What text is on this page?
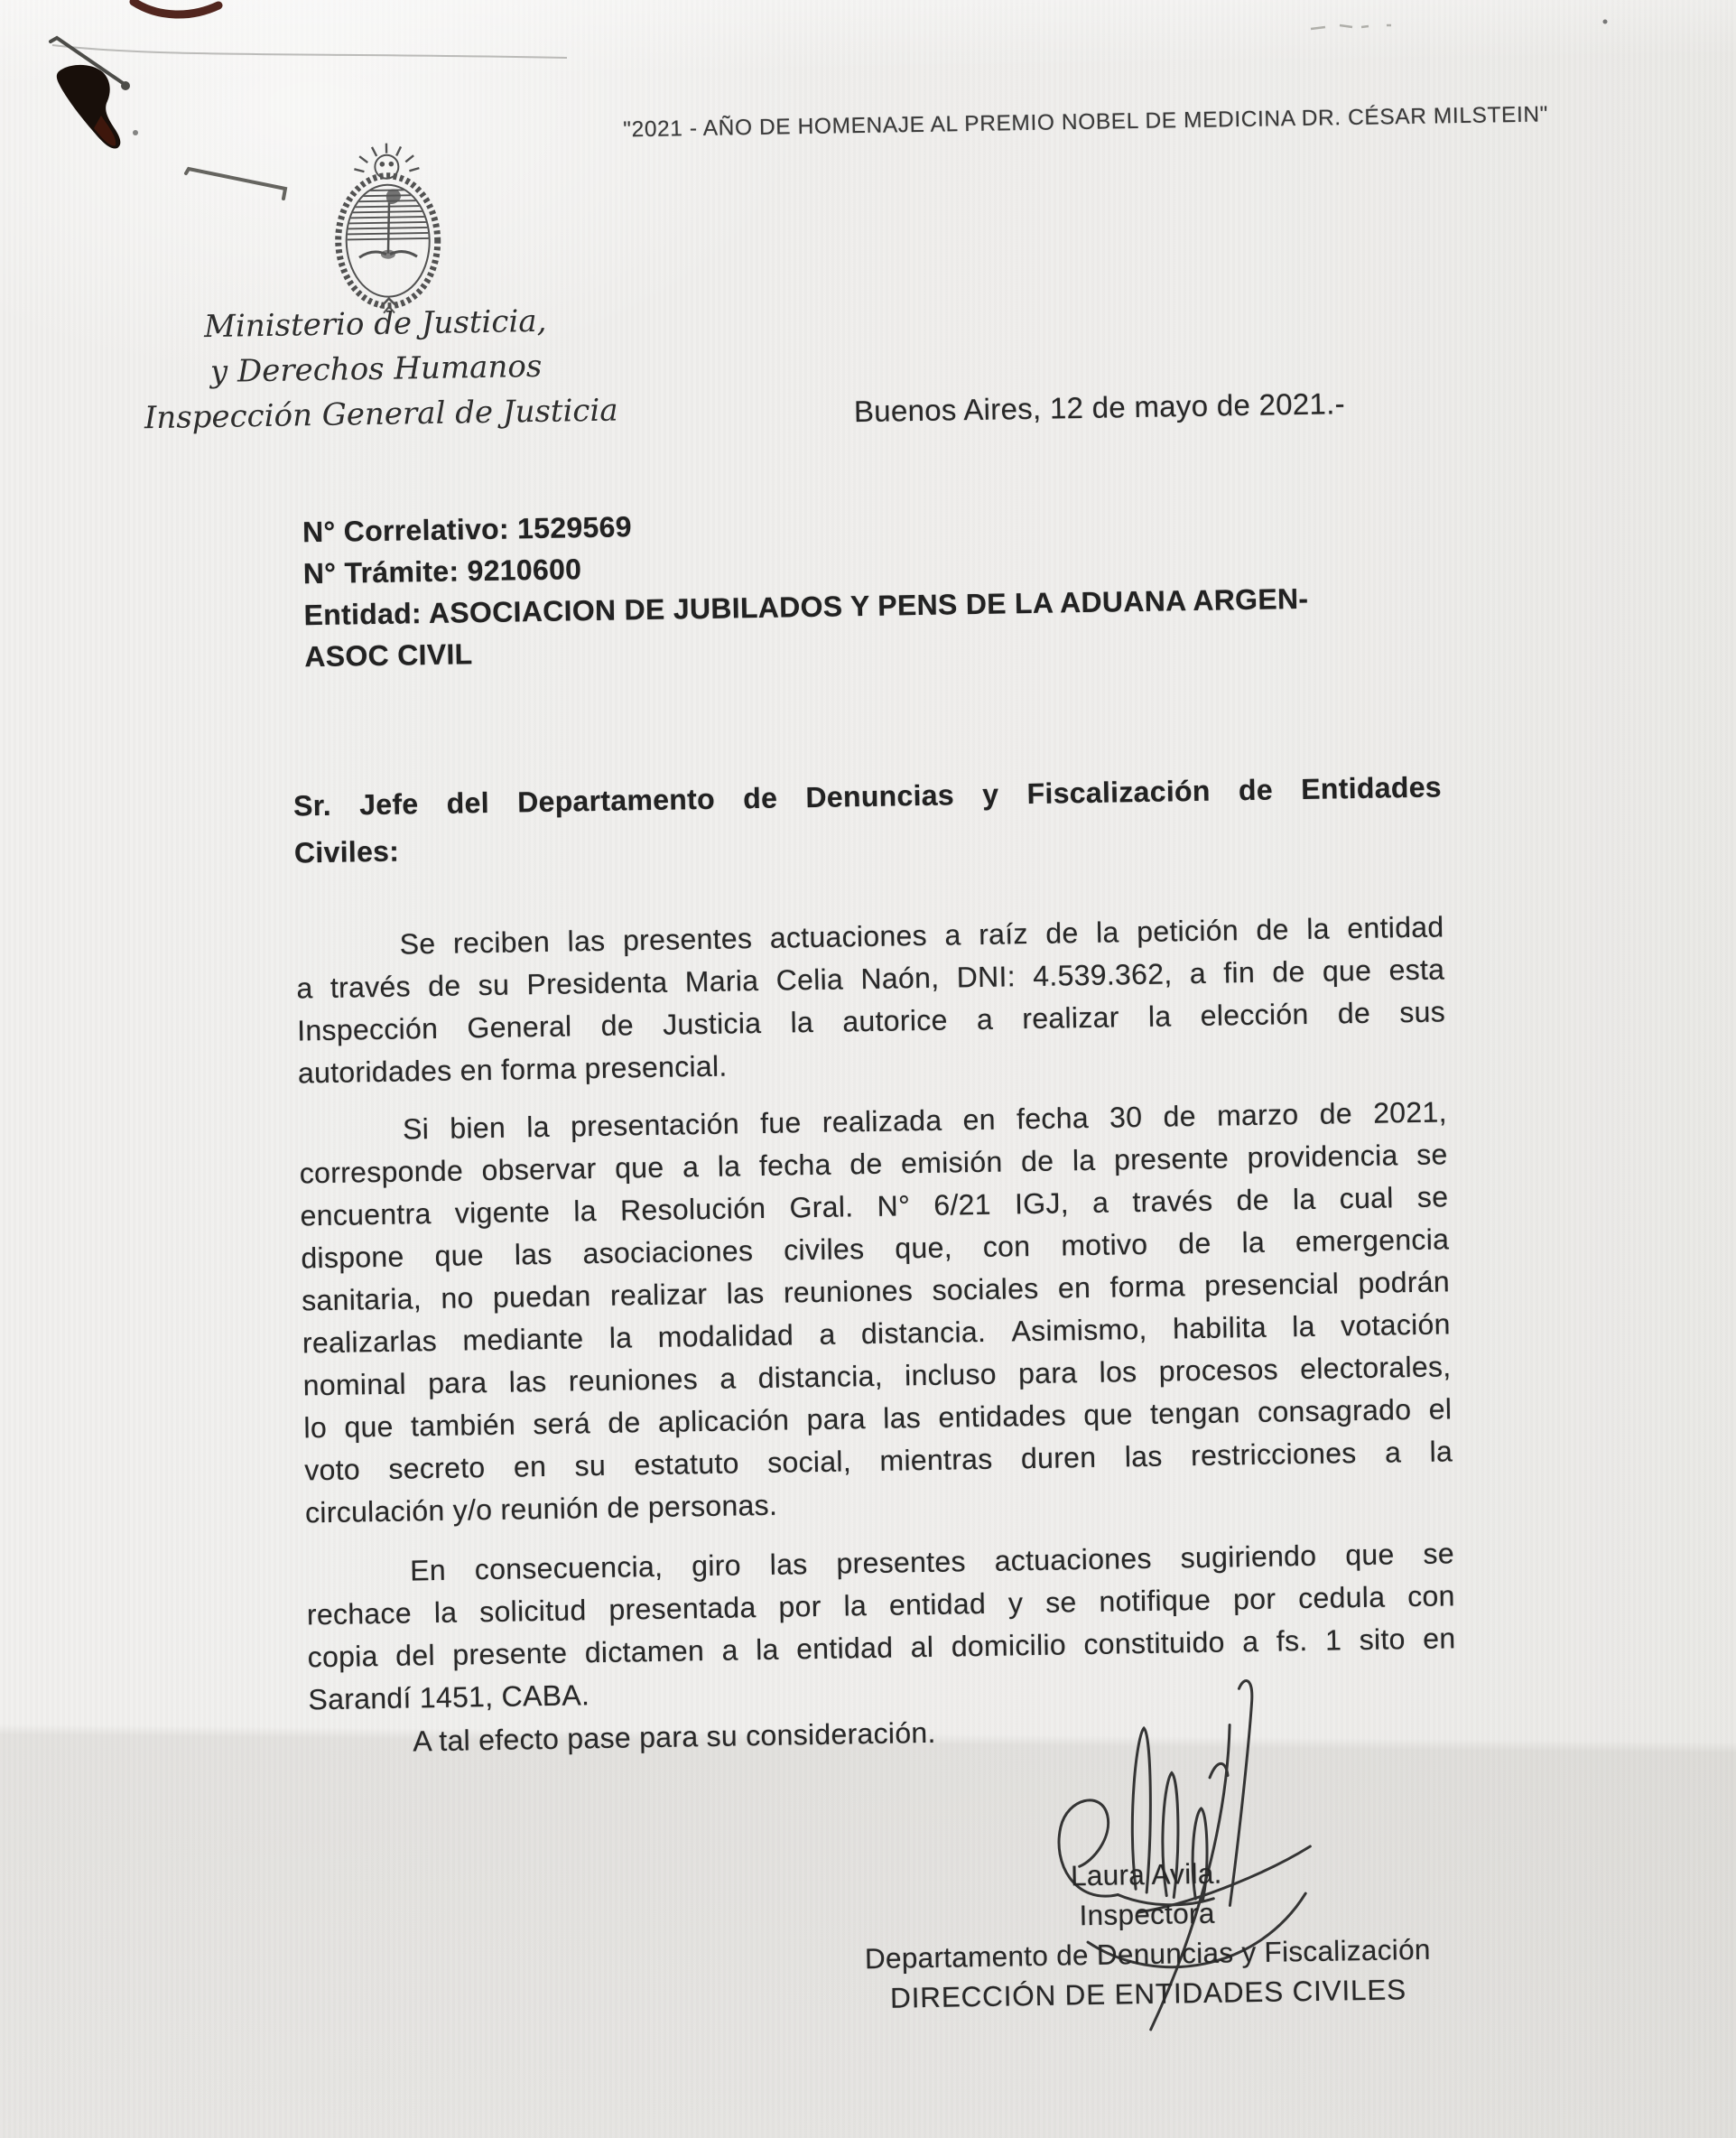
"2021 - AÑO DE HOMENAJE AL PREMIO NOBEL DE MEDICINA DR. CÉSAR MILSTEIN"
Ministerio de Justicia,
y Derechos Humanos
Inspección General de Justicia	Buenos Aires, 12 de mayo de 2021.-
N° Correlativo: 1529569
N° Trámite: 9210600
Entidad: ASOCIACION DE JUBILADOS Y PENS DE LA ADUANA ARGEN-
ASOC CIVIL
Sr. Jefe del Departamento de Denuncias y Fiscalización de Entidades
Civiles:
Se reciben las presentes actuaciones a raíz de la petición de la entidad
a través de su Presidenta Maria Celia Naón, DNI: 4.539.362, a fin de que esta
Inspección General de Justicia la autorice a realizar la elección de sus
autoridades en forma presencial.
Si bien la presentación fue realizada en fecha 30 de marzo de 2021,
corresponde observar que a la fecha de emisión de la presente providencia se
encuentra vigente la Resolución Gral. N° 6/21 IGJ, a través de la cual se
dispone que las asociaciones civiles que, con motivo de la emergencia
sanitaria, no puedan realizar las reuniones sociales en forma presencial podrán
realizarlas mediante la modalidad a distancia. Asimismo, habilita la votación
nominal para las reuniones a distancia, incluso para los procesos electorales,
lo que también será de aplicación para las entidades que tengan consagrado el
voto secreto en su estatuto social, mientras duren las restricciones a la
circulación y/o reunión de personas.
En consecuencia, giro las presentes actuaciones sugiriendo que se
rechace la solicitud presentada por la entidad y se notifique por cedula con
copia del presente dictamen a la entidad al domicilio constituido a fs. 1 sito en
Sarandí 1451, CABA.
A tal efecto pase para su consideración.
Laura Avila.
Inspectora
Departamento de Denuncias y Fiscalización
DIRECCIÓN DE ENTIDADES CIVILES
